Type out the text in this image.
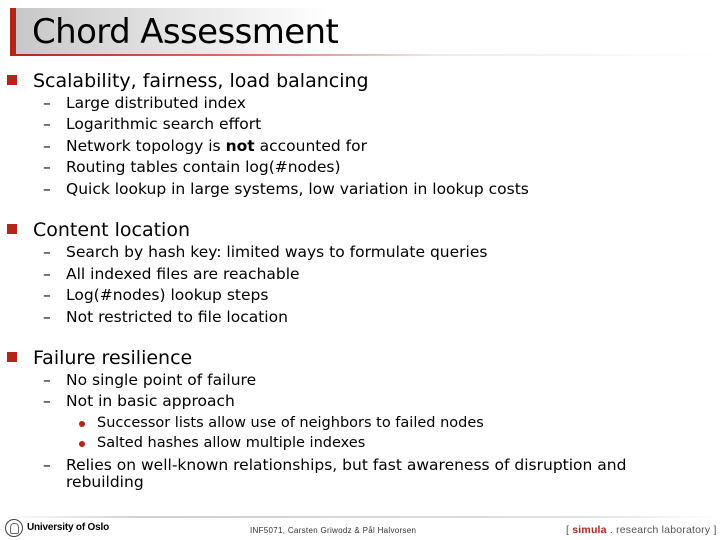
Chord Assessment
Scalability, fairness, load balancing
– Large distributed index
– Logarithmic search effort
– Network topology is not accounted for
– Routing tables contain log(#nodes)
– Quick lookup in large systems, low variation in lookup costs
Content location
– Search by hash key: limited ways to formulate queries
– All indexed files are reachable
– Log(#nodes) lookup steps
– Not restricted to file location
Failure resilience
– No single point of failure
– Not in basic approach
Successor lists allow use of neighbors to failed nodes
Salted hashes allow multiple indexes
– Relies on well-known relationships, but fast awareness of disruption and rebuilding
University of Oslo	INF5071, Carsten Griwodz & Pål Halvorsen	[ simula . research laboratory ]
